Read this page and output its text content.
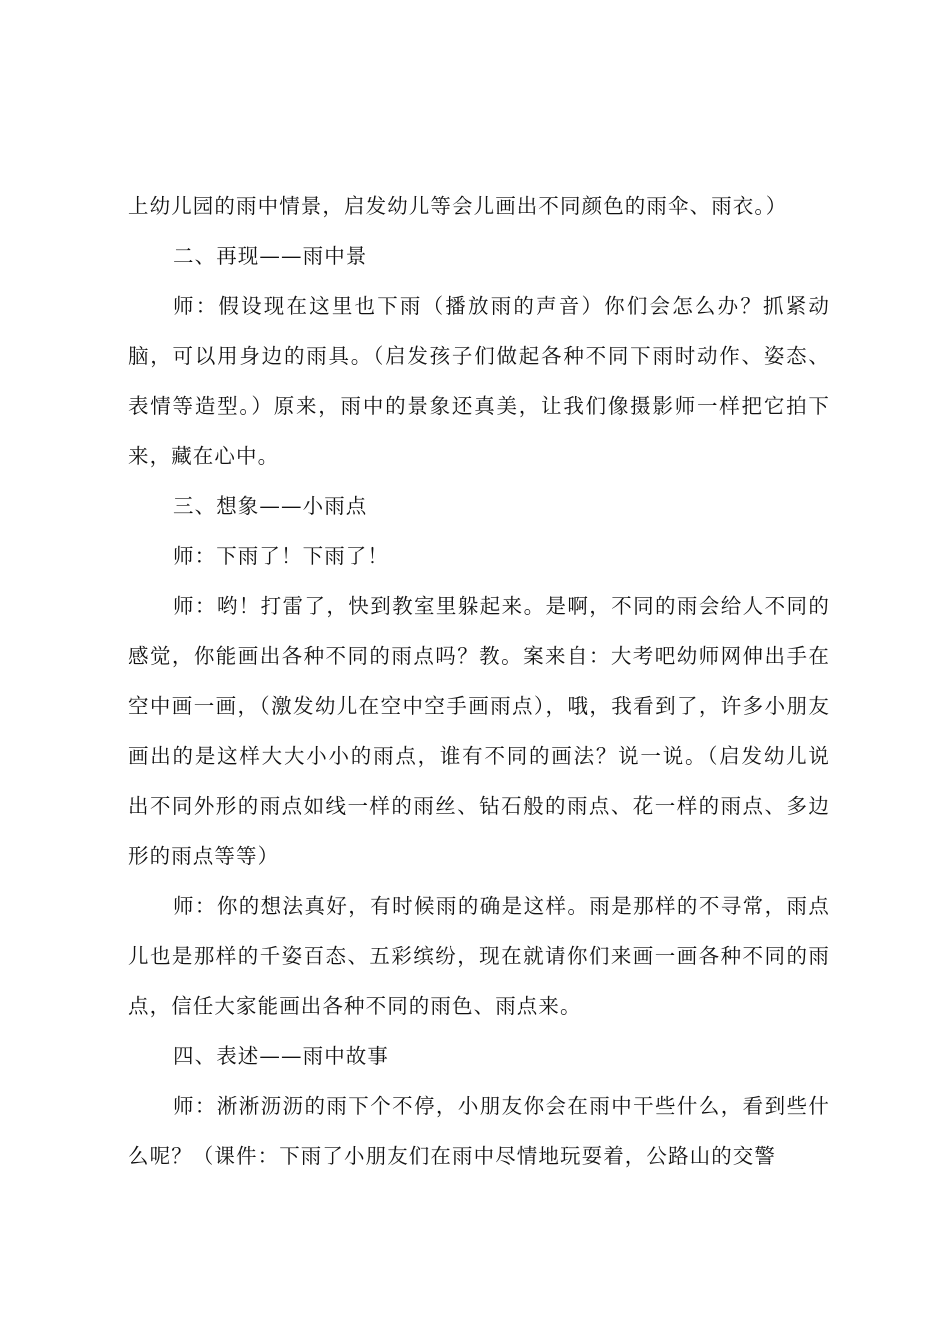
上幼儿园的雨中情景，启发幼儿等会儿画出不同颜色的雨伞、雨衣。）

二、再现——雨中景

师：假设现在这里也下雨（播放雨的声音）你们会怎么办？抓紧动脑，可以用身边的雨具。（启发孩子们做起各种不同下雨时动作、姿态、表情等造型。）原来，雨中的景象还真美，让我们像摄影师一样把它拍下来，藏在心中。

三、想象——小雨点

师：下雨了！下雨了！

师：哟！打雷了，快到教室里躲起来。是啊，不同的雨会给人不同的感觉，你能画出各种不同的雨点吗？教。案来自：大考吧幼师网伸出手在空中画一画，（激发幼儿在空中空手画雨点），哦，我看到了，许多小朋友画出的是这样大大小小的雨点，谁有不同的画法？说一说。（启发幼儿说出不同外形的雨点如线一样的雨丝、钻石般的雨点、花一样的雨点、多边形的雨点等等）

师：你的想法真好，有时候雨的确是这样。雨是那样的不寻常，雨点儿也是那样的千姿百态、五彩缤纷，现在就请你们来画一画各种不同的雨点，信任大家能画出各种不同的雨色、雨点来。

四、表述——雨中故事

师：淅淅沥沥的雨下个不停，小朋友你会在雨中干些什么，看到些什么呢？（课件：下雨了小朋友们在雨中尽情地玩耍着，公路山的交警
